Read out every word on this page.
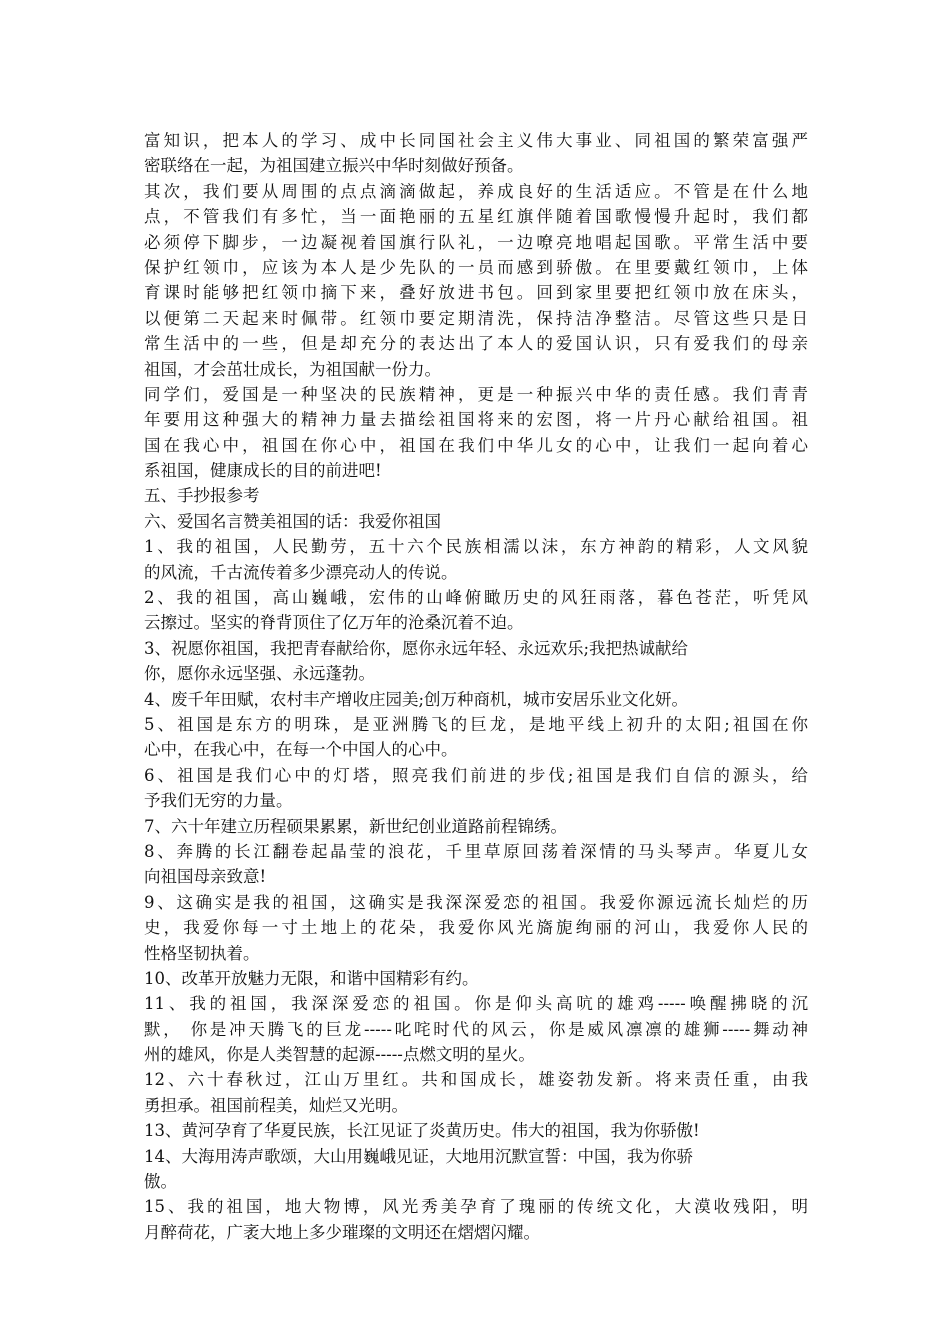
富知识，把本人的学习、成中长同国社会主义伟大事业、同祖国的繁荣富强严
密联络在一起，为祖国建立振兴中华时刻做好预备。
其次，我们要从周围的点点滴滴做起，养成良好的生活适应。不管是在什么地
点，不管我们有多忙，当一面艳丽的五星红旗伴随着国歌慢慢升起时，我们都
必须停下脚步，一边凝视着国旗行队礼，一边嘹亮地唱起国歌。平常生活中要
保护红领巾，应该为本人是少先队的一员而感到骄傲。在里要戴红领巾，上体
育课时能够把红领巾摘下来，叠好放进书包。回到家里要把红领巾放在床头，
以便第二天起来时佩带。红领巾要定期清洗，保持洁净整洁。尽管这些只是日
常生活中的一些，但是却充分的表达出了本人的爱国认识，只有爱我们的母亲
祖国，才会茁壮成长，为祖国献一份力。
同学们，爱国是一种坚决的民族精神，更是一种振兴中华的责任感。我们青青
年要用这种强大的精神力量去描绘祖国将来的宏图，将一片丹心献给祖国。祖
国在我心中，祖国在你心中，祖国在我们中华儿女的心中，让我们一起向着心
系祖国，健康成长的目的前进吧!
五、手抄报参考
六、爱国名言赞美祖国的话：我爱你祖国
1、我的祖国，人民勤劳，五十六个民族相濡以沫，东方神韵的精彩，人文风貌
的风流，千古流传着多少漂亮动人的传说。
2、我的祖国，高山巍峨，宏伟的山峰俯瞰历史的风狂雨落，暮色苍茫，听凭风
云擦过。坚实的脊背顶住了亿万年的沧桑沉着不迫。
3、祝愿你祖国，我把青春献给你，愿你永远年轻、永远欢乐;我把热诚献给
你，愿你永远坚强、永远蓬勃。
4、废千年田赋，农村丰产增收庄园美;创万种商机，城市安居乐业文化妍。
5、祖国是东方的明珠，是亚洲腾飞的巨龙，是地平线上初升的太阳;祖国在你
心中，在我心中，在每一个中国人的心中。
6、祖国是我们心中的灯塔，照亮我们前进的步伐;祖国是我们自信的源头，给
予我们无穷的力量。
7、六十年建立历程硕果累累，新世纪创业道路前程锦绣。
8、奔腾的长江翻卷起晶莹的浪花，千里草原回荡着深情的马头琴声。华夏儿女
向祖国母亲致意!
9、这确实是我的祖国，这确实是我深深爱恋的祖国。我爱你源远流长灿烂的历
史，我爱你每一寸土地上的花朵，我爱你风光旖旎绚丽的河山，我爱你人民的
性格坚韧执着。
10、改革开放魅力无限，和谐中国精彩有约。
11、我的祖国，我深深爱恋的祖国。你是仰头高吭的雄鸡-----唤醒拂晓的沉
默， 你是冲天腾飞的巨龙-----叱咤时代的风云，你是威风凛凛的雄狮-----舞动神
州的雄风，你是人类智慧的起源-----点燃文明的星火。
12、六十春秋过，江山万里红。共和国成长，雄姿勃发新。将来责任重，由我
勇担承。祖国前程美，灿烂又光明。
13、黄河孕育了华夏民族，长江见证了炎黄历史。伟大的祖国，我为你骄傲!
14、大海用涛声歌颂，大山用巍峨见证，大地用沉默宣誓：中国，我为你骄
傲。
15、我的祖国，地大物博，风光秀美孕育了瑰丽的传统文化，大漠收残阳，明
月醉荷花，广袤大地上多少璀璨的文明还在熠熠闪耀。
